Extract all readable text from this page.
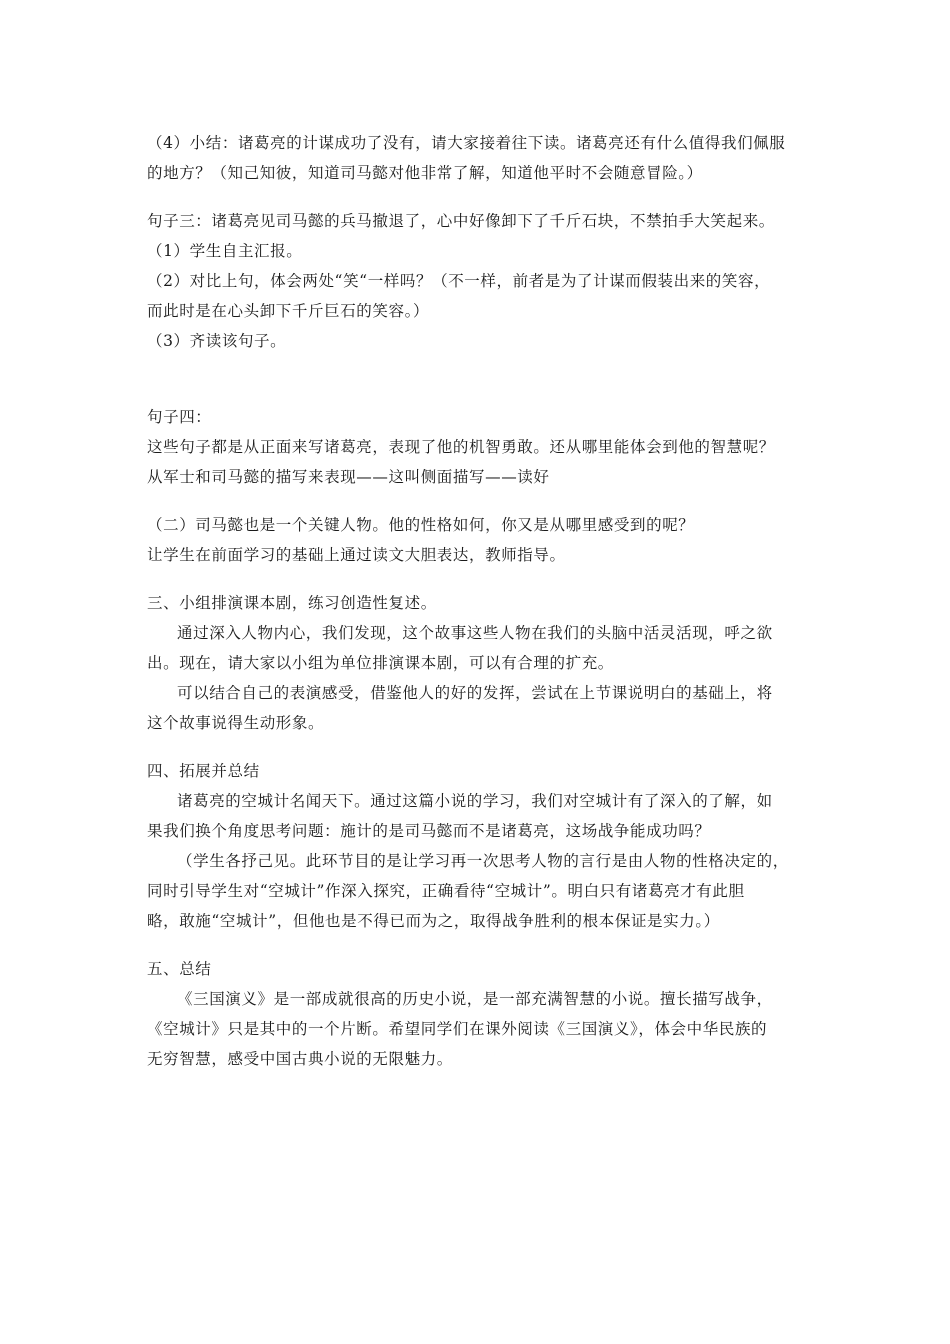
（4）小结：诸葛亮的计谋成功了没有，请大家接着往下读。诸葛亮还有什么值得我们佩服
的地方？（知己知彼，知道司马懿对他非常了解，知道他平时不会随意冒险。）
句子三：诸葛亮见司马懿的兵马撤退了，心中好像卸下了千斤石块，不禁拍手大笑起来。
（1）学生自主汇报。
（2）对比上句，体会两处“笑“一样吗？（不一样，前者是为了计谋而假装出来的笑容，
而此时是在心头卸下千斤巨石的笑容。）
（3）齐读该句子。
句子四：
这些句子都是从正面来写诸葛亮，表现了他的机智勇敢。还从哪里能体会到他的智慧呢？
从军士和司马懿的描写来表现——这叫侧面描写——读好
（二）司马懿也是一个关键人物。他的性格如何，你又是从哪里感受到的呢？
让学生在前面学习的基础上通过读文大胆表达，教师指导。
三、小组排演课本剧，练习创造性复述。
通过深入人物内心，我们发现，这个故事这些人物在我们的头脑中活灵活现，呼之欲
出。现在，请大家以小组为单位排演课本剧，可以有合理的扩充。
可以结合自己的表演感受，借鉴他人的好的发挥，尝试在上节课说明白的基础上，将
这个故事说得生动形象。
四、拓展并总结
诸葛亮的空城计名闻天下。通过这篇小说的学习，我们对空城计有了深入的了解，如
果我们换个角度思考问题：施计的是司马懿而不是诸葛亮，这场战争能成功吗？
（学生各抒己见。此环节目的是让学习再一次思考人物的言行是由人物的性格决定的，
同时引导学生对“空城计”作深入探究，正确看待“空城计”。明白只有诸葛亮才有此胆
略，敢施“空城计”，但他也是不得已而为之，取得战争胜利的根本保证是实力。）
五、总结
《三国演义》是一部成就很高的历史小说，是一部充满智慧的小说。擅长描写战争，
《空城计》只是其中的一个片断。希望同学们在课外阅读《三国演义》，体会中华民族的
无穷智慧，感受中国古典小说的无限魅力。
